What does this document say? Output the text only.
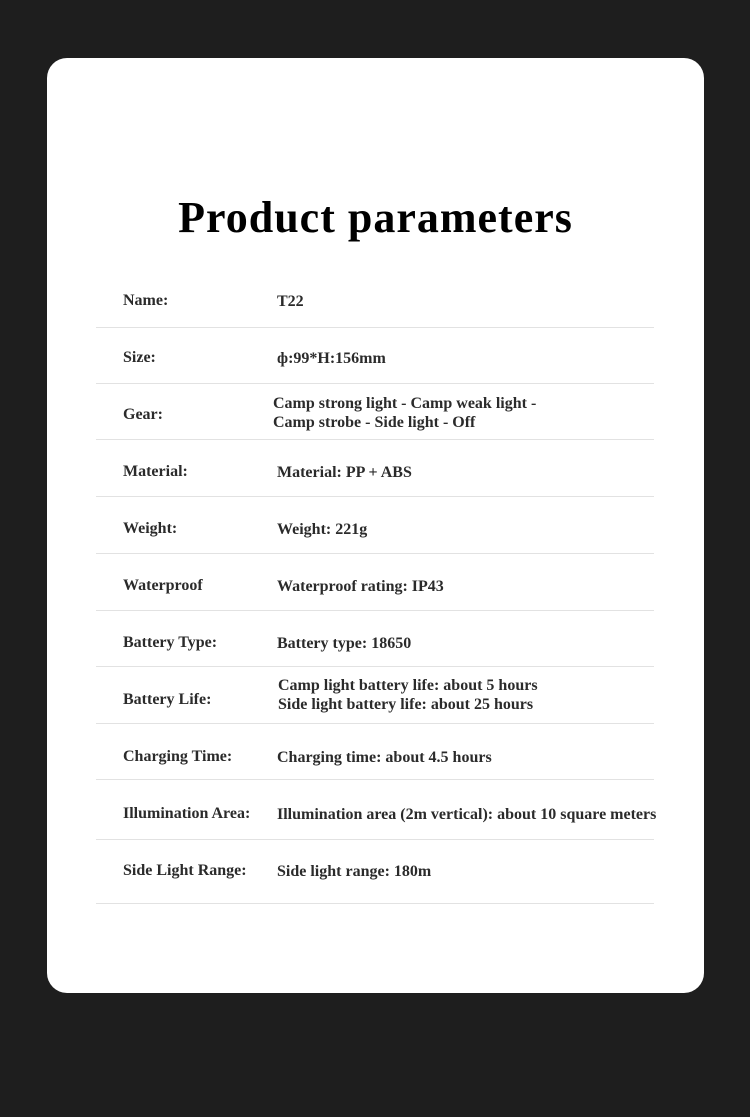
Product parameters
Name:	T22
Size:	ф:99*H:156mm
Gear:
Camp strong light - Camp weak light -
Camp strobe - Side light - Off
Material:	Material: PP + ABS
Weight:	Weight: 221g
Waterproof	Waterproof rating: IP43
Battery Type:	Battery type: 18650
Battery Life:
Camp light battery life: about 5 hours
Side light battery life: about 25 hours
Charging Time:	Charging time: about 4.5 hours
Illumination Area: Illumination area (2m vertical): about 10 square meters
Side Light Range: Side light range: 180m
